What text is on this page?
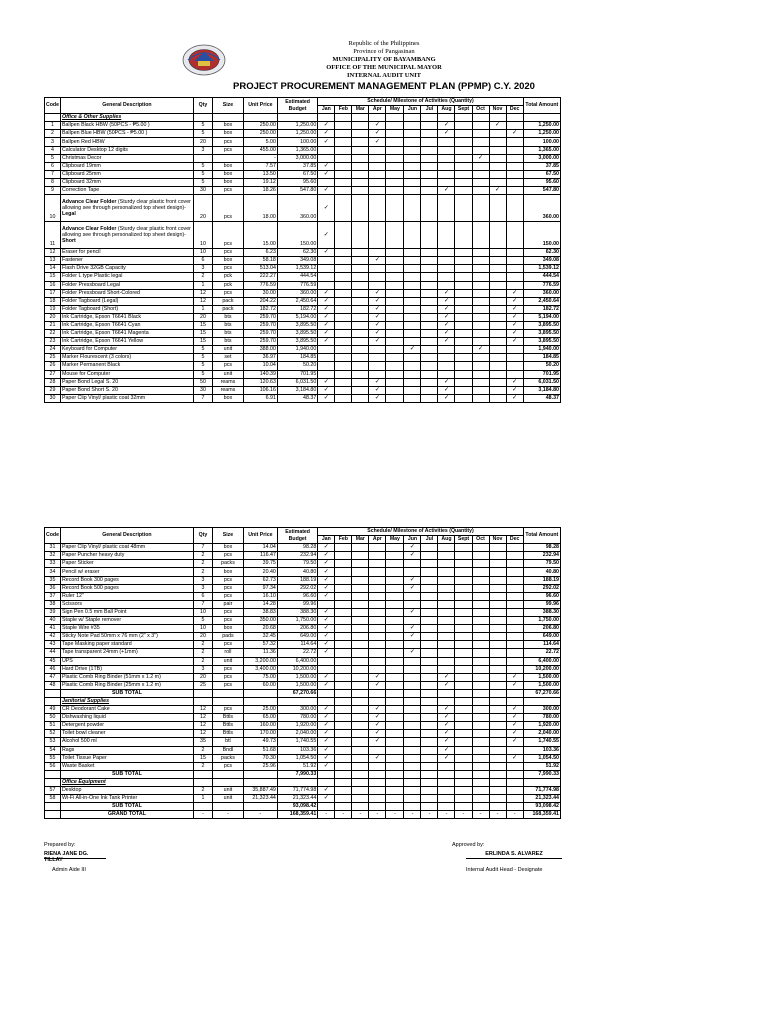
Republic of the Philippines
Province of Pangasinan
MUNICIPALITY OF BAYAMBANG
OFFICE OF THE MUNICIPAL MAYOR
INTERNAL AUDIT UNIT
PROJECT PROCUREMENT MANAGEMENT PLAN (PPMP) C.Y. 2020
Code	General Description	Qty	Size	Unit Price	Estimated Budget	Schedule/ Milestone of Activities (Quantity)												Total Amount
						Jan	Feb	Mar	Apr	May	Jun	Jul	Aug	Sept	Oct	Nov	Dec	
	Office & Other Supplies																	
1	Ballpen Black HBW (50PCS - ₱5.00 )	5	box	250.00	1,250.00	✓			✓				✓			✓		1,250.00
2	Ballpen Blue HBW (50PCS - ₱5.00 )	5	box	250.00	1,250.00	✓			✓				✓				✓	1,250.00
3	Ballpen Red HBW	20	pcs	5.00	100.00	✓			✓									100.00
4	Calculator Desktop 12 digits	3	pcs	455.00	1,365.00													1,365.00
5	Christmas Decor			-	3,000.00										✓			3,000.00
6	Clipboard 19mm	5	box	7.57	37.85	✓												37.85
7	Clipboard 25mm	5	box	13.50	67.50	✓												67.50
8	Clipboard 32mm	5	box	19.12	95.60													95.60
9	Correction Tape	30	pcs	18.26	547.80	✓							✓			✓		547.80
10	Advance Clear Folder (Sturdy clear plastic front cover allowing see through personalized top sheet design)-Legal	20	pcs	18.00	360.00	✓												360.00
11	Advance Clear Folder (Sturdy clear plastic front cover allowing see through personalized top sheet design)-Short	10	pcs	15.00	150.00	✓												150.00
12	Eraser for pencil	10	pcs	6.23	62.30	✓												62.30
13	Fastener	6	box	58.18	349.08				✓									349.08
14	Flash Drive 32GB Capacity	3	pcs	513.04	1,539.12													1,539.12
15	Folder L type Plastic legal	2	pck	222.27	444.54													444.54
16	Folder Pressboard Legal	1	pck	776.59	776.59													776.59
17	Folder Pressboard Short-Colored	12	pcs	30.00	360.00	✓			✓				✓				✓	360.00
18	Folder Tagboard (Legal)	12	pack	204.22	2,450.64	✓			✓				✓				✓	2,450.64
19	Folder Tagboard (Short)	1	pack	182.72	182.72	✓			✓				✓				✓	182.72
20	Ink Cartridge, Epson T6641 Black	20	bts	259.70	5,194.00	✓			✓				✓				✓	5,194.00
21	Ink Cartridge, Epson T6641 Cyan	15	bts	259.70	3,895.50	✓			✓				✓				✓	3,895.50
22	Ink Cartridge, Epson T6641 Magenta	15	bts	259.70	3,895.50	✓			✓				✓				✓	3,895.50
23	Ink Cartridge, Epson T6641 Yellow	15	bts	259.70	3,895.50	✓			✓				✓				✓	3,895.50
24	Keyboard for Computer	5	unit	388.00	1,940.00						✓				✓			1,940.00
25	Marker Flourescent (3 colors)	5	set	36.97	184.85													184.85
26	Marker Permanent Black	5	pcs	10.04	50.20													50.20
27	Mouse for Computer	5	unit	140.39	701.95													701.95
28	Paper Bond Legal S. 20	50	reams	120.63	6,031.50	✓			✓				✓				✓	6,031.50
29	Paper Bond Short S. 20	30	reams	106.16	3,184.80	✓			✓				✓				✓	3,184.80
30	Paper Clip Vinyl/ plastic coat 32mm	7	box	6.91	48.37	✓			✓				✓				✓	48.37
Code	General Description	Qty	Size	Unit Price	Estimated Budget	Schedule/ Milestone of Activities (Quantity)												Total Amount
						Jan	Feb	Mar	Apr	May	Jun	Jul	Aug	Sept	Oct	Nov	Dec	
31	Paper Clip Vinyl/ plastic coat 48mm	7	box	14.04	98.28	✓					✓							98.28
32	Paper Puncher heavy duty	2	pcs	116.47	232.94	✓					✓							232.94
33	Paper Sticker	2	packs	39.75	79.50	✓												79.50
34	Pencil w/ eraser	2	box	20.40	40.80	✓												40.80
35	Record Book 300 pages	3	pcs	62.73	188.19	✓					✓							188.19
36	Record Book 500 pages	3	pcs	97.34	292.02	✓					✓							292.02
37	Ruler 12"	6	pcs	16.10	96.60	✓												96.60
38	Scissors	7	pair	14.28	99.96													99.96
39	Sign Pen 0.5 mm Ball Point	10	pcs	38.83	388.30	✓					✓							388.30
40	Staple w/ Staple remover	5	pcs	350.00	1,750.00	✓												1,750.00
41	Staple Wire #35	10	box	20.68	206.80	✓					✓							206.80
42	Sticky Note Pad 50mm x 76 mm (2" x 3")	20	pads	32.45	649.00	✓					✓							649.00
43	Tape Masking paper standard	2	pcs	57.32	114.64	✓												114.64
44	Tape transparent 24mm (+1mm)	2	roll	11.36	22.72	✓					✓							22.72
45	UPS	2	unit	3,200.00	6,400.00													6,400.00
46	Hard Drive (1TB)	3	pcs	3,400.00	10,200.00													10,200.00
47	Plastic Comb Ring Binder (51mm x 1.2 m)	20	pcs	75.00	1,500.00	✓			✓				✓				✓	1,500.00
48	Plastic Comb Ring Binder (25mm x 1.2 m)	25	pcs	60.00	1,500.00	✓			✓				✓				✓	1,500.00
	SUB TOTAL				67,270.66													67,270.66
	Janitorial Supplies																	
49	CR Deodorant Cake	12	pcs	25.00	300.00	✓			✓				✓				✓	300.00
50	Dishwashing liquid	12	Bttls	65.00	780.00	✓			✓				✓				✓	780.00
51	Detergent powder	12	Bttls	160.00	1,920.00	✓			✓				✓				✓	1,920.00
52	Toilet bowl cleaner	12	Bttls	170.00	2,040.00	✓			✓				✓				✓	2,040.00
53	Alcohol 500 ml	35	btl	49.73	1,740.55	✓			✓				✓				✓	1,740.55
54	Rags	2	Bndl	51.68	103.36	✓							✓					103.36
55	Toilet Tissue Paper	15	packs	70.30	1,054.50	✓			✓				✓				✓	1,054.50
56	Waste Basket	2	pcs	25.96	51.92	✓												51.92
	SUB TOTAL				7,990.33													7,990.33
	Office Equipment																	
57	Desktop	2	unit	35,887.49	71,774.98	✓												71,774.98
58	Wi-Fi All-in-One Ink Tank Printer	1	unit	21,323.44	21,323.44	✓												21,323.44
	SUB TOTAL				93,098.42													93,098.42
	GRAND TOTAL	-	-	-	168,359.41	-	-	-	-	-	-	-	-	-	-	-	-	168,359.41
Prepared by:	Approved by:
RIENA JANE DG. TILLAY
Admin Aide III
ERLINDA S. ALVAREZ
Internal Audit Head - Designate
